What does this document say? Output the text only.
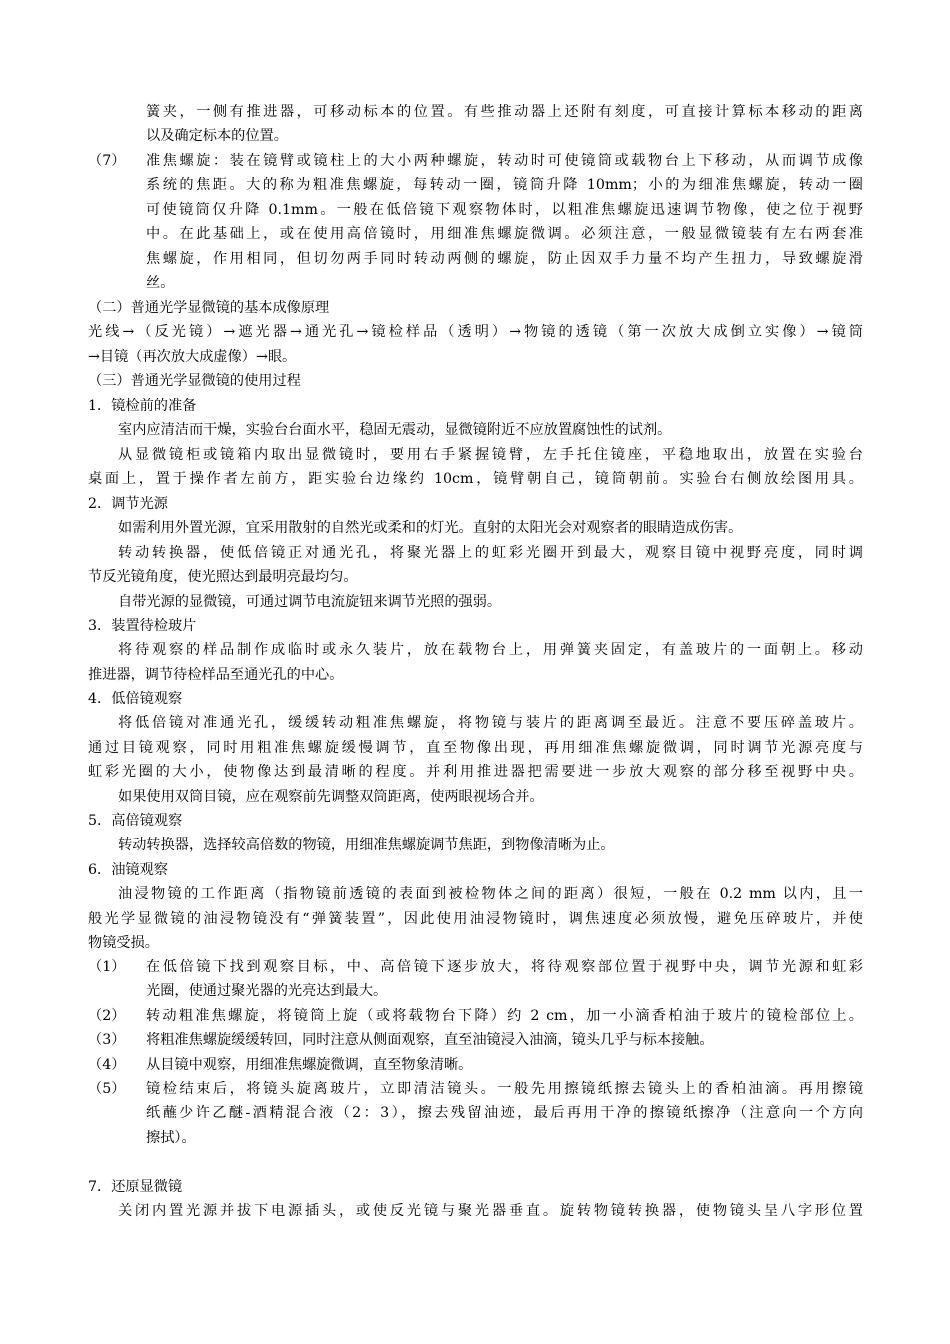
簧夹，一侧有推进器，可移动标本的位置。有些推动器上还附有刻度，可直接计算标本移动的距离
以及确定标本的位置。
（7） 准焦螺旋：装在镜臂或镜柱上的大小两种螺旋，转动时可使镜筒或载物台上下移动，从而调节成像
系统的焦距。大的称为粗准焦螺旋，每转动一圈，镜筒升降 10mm；小的为细准焦螺旋，转动一圈
可使镜筒仅升降 0.1mm。一般在低倍镜下观察物体时，以粗准焦螺旋迅速调节物像，使之位于视野
中。在此基础上，或在使用高倍镜时，用细准焦螺旋微调。必须注意，一般显微镜装有左右两套准
焦螺旋，作用相同，但切勿两手同时转动两侧的螺旋，防止因双手力量不均产生扭力，导致螺旋滑
丝。
（二）普通光学显微镜的基本成像原理
光线→（反光镜）→遮光器→通光孔→镜检样品（透明）→物镜的透镜（第一次放大成倒立实像）→镜筒
→目镜（再次放大成虚像）→眼。
（三）普通光学显微镜的使用过程
1．镜检前的准备
室内应清洁而干燥，实验台台面水平，稳固无震动，显微镜附近不应放置腐蚀性的试剂。
从显微镜柜或镜箱内取出显微镜时，要用右手紧握镜臂，左手托住镜座，平稳地取出，放置在实验台
桌面上，置于操作者左前方，距实验台边缘约 10cm，镜臂朝自己，镜筒朝前。实验台右侧放绘图用具。
2．调节光源
如需利用外置光源，宜采用散射的自然光或柔和的灯光。直射的太阳光会对观察者的眼睛造成伤害。
转动转换器，使低倍镜正对通光孔，将聚光器上的虹彩光圈开到最大，观察目镜中视野亮度，同时调
节反光镜角度，使光照达到最明亮最均匀。
自带光源的显微镜，可通过调节电流旋钮来调节光照的强弱。
3．装置待检玻片
将待观察的样品制作成临时或永久装片，放在载物台上，用弹簧夹固定，有盖玻片的一面朝上。移动
推进器，调节待检样品至通光孔的中心。
4．低倍镜观察
将低倍镜对准通光孔，缓缓转动粗准焦螺旋，将物镜与装片的距离调至最近。注意不要压碎盖玻片。
通过目镜观察，同时用粗准焦螺旋缓慢调节，直至物像出现，再用细准焦螺旋微调，同时调节光源亮度与
虹彩光圈的大小，使物像达到最清晰的程度。并利用推进器把需要进一步放大观察的部分移至视野中央。
如果使用双筒目镜，应在观察前先调整双筒距离，使两眼视场合并。
5．高倍镜观察
转动转换器，选择较高倍数的物镜，用细准焦螺旋调节焦距，到物像清晰为止。
6．油镜观察
油浸物镜的工作距离（指物镜前透镜的表面到被检物体之间的距离）很短，一般在 0.2 mm 以内，且一
般光学显微镜的油浸物镜没有“弹簧装置”，因此使用油浸物镜时，调焦速度必须放慢，避免压碎玻片，并使
物镜受损。
（1） 在低倍镜下找到观察目标，中、高倍镜下逐步放大，将待观察部位置于视野中央，调节光源和虹彩
光圈，使通过聚光器的光亮达到最大。
（2） 转动粗准焦螺旋，将镜筒上旋（或将载物台下降）约 2 cm，加一小滴香柏油于玻片的镜检部位上。
（3） 将粗准焦螺旋缓缓转回，同时注意从侧面观察，直至油镜浸入油滴，镜头几乎与标本接触。
（4） 从目镜中观察，用细准焦螺旋微调，直至物象清晰。
（5） 镜检结束后，将镜头旋离玻片，立即清洁镜头。一般先用擦镜纸擦去镜头上的香柏油滴。再用擦镜
纸蘸少许乙醚-酒精混合液（2：3），擦去残留油迹，最后再用干净的擦镜纸擦净（注意向一个方向
擦拭）。
7．还原显微镜
关闭内置光源并拔下电源插头，或使反光镜与聚光器垂直。旋转物镜转换器，使物镜头呈八字形位置
